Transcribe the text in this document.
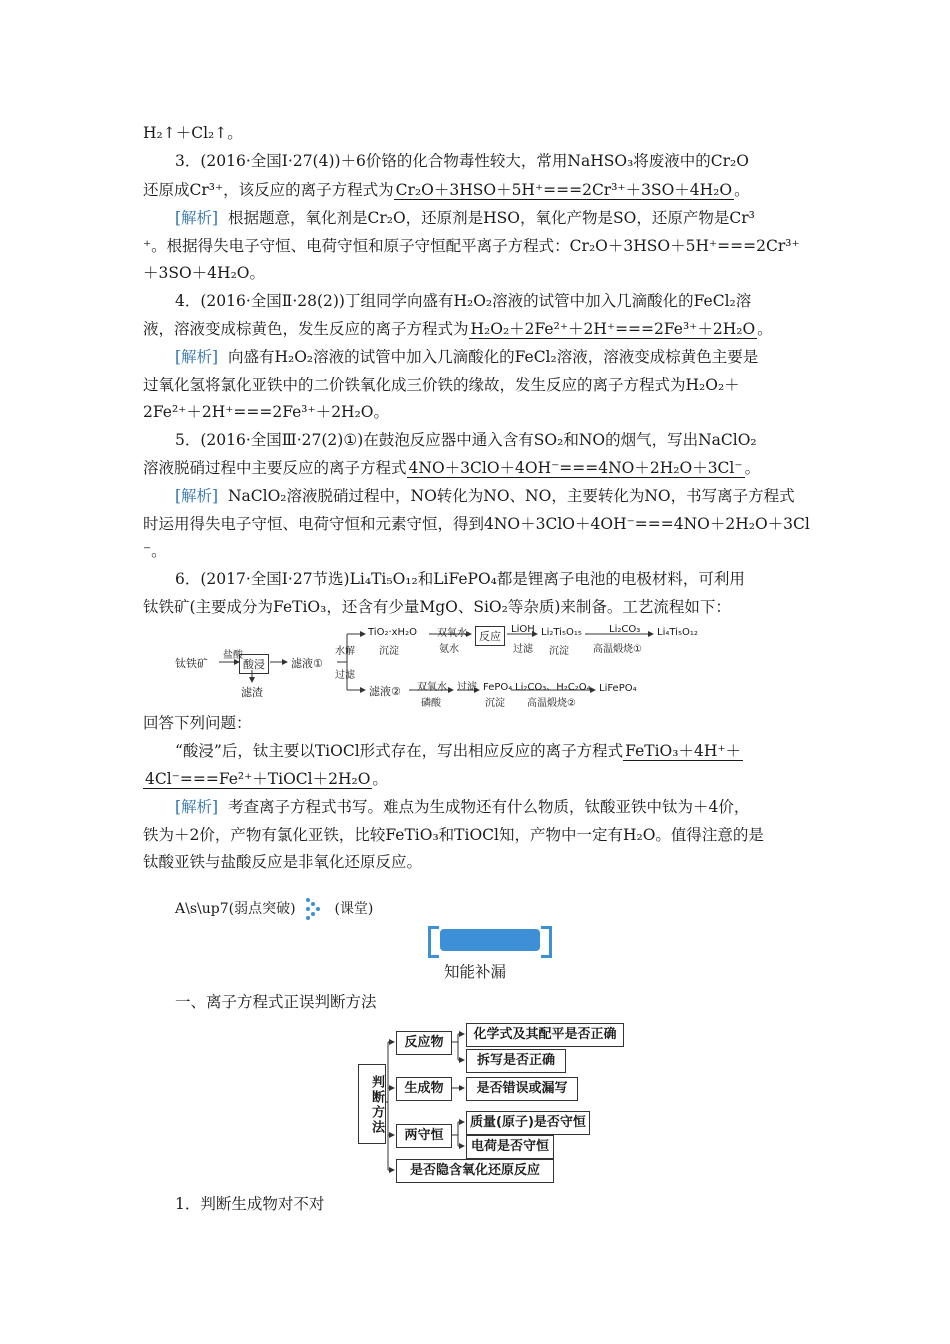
H₂↑＋Cl₂↑。
3．(2016·全国Ⅰ·27(4))＋6价铬的化合物毒性较大，常用NaHSO₃将废液中的Cr₂O
还原成Cr³⁺，该反应的离子方程式为 Cr₂O＋3HSO＋5H⁺===2Cr³⁺＋3SO＋4H₂O 。
[解析] 根据题意，氧化剂是Cr₂O，还原剂是HSO，氧化产物是SO，还原产物是Cr³
⁺。根据得失电子守恒、电荷守恒和原子守恒配平离子方程式：Cr₂O＋3HSO＋5H⁺===2Cr³⁺
＋3SO＋4H₂O。
4．(2016·全国Ⅱ·28(2))丁组同学向盛有H₂O₂溶液的试管中加入几滴酸化的FeCl₂溶
液，溶液变成棕黄色，发生反应的离子方程式为 H₂O₂＋2Fe²⁺＋2H⁺===2Fe³⁺＋2H₂O 。
[解析] 向盛有H₂O₂溶液的试管中加入几滴酸化的FeCl₂溶液，溶液变成棕黄色主要是
过氧化氢将氯化亚铁中的二价铁氧化成三价铁的缘故，发生反应的离子方程式为H₂O₂＋
2Fe²⁺＋2H⁺===2Fe³⁺＋2H₂O。
5．(2016·全国Ⅲ·27(2)①)在鼓泡反应器中通入含有SO₂和NO的烟气，写出NaClO₂
溶液脱硝过程中主要反应的离子方程式 4NO＋3ClO＋4OH⁻===4NO＋2H₂O＋3Cl⁻ 。
[解析] NaClO₂溶液脱硝过程中，NO转化为NO、NO，主要转化为NO，书写离子方程式
时运用得失电子守恒、电荷守恒和元素守恒，得到4NO＋3ClO＋4OH⁻===4NO＋2H₂O＋3Cl
⁻。
6．(2017·全国Ⅰ·27节选)Li₄Ti₅O₁₂和LiFePO₄都是锂离子电池的电极材料，可利用
钛铁矿(主要成分为FeTiO₃，还含有少量MgO、SiO₂等杂质)来制备。工艺流程如下：
钛铁矿
盐酸
酸浸
滤渣
滤液①
水解
过滤
TiO₂·xH₂O
沉淀
双氧水
氨水
反应
LiOH
过滤
Li₂Ti₅O₁₅
沉淀
Li₂CO₃
高温煅烧①
Li₄Ti₅O₁₂
滤液② 双氧水
磷酸
过滤 FePO₄
沉淀
Li₂CO₃、H₂C₂O₄
高温煅烧②
LiFePO₄
回答下列问题：
“酸浸”后，钛主要以TiOCl形式存在，写出相应反应的离子方程式 FeTiO₃＋4H⁺＋
4Cl⁻===Fe²⁺＋TiOCl＋2H₂O 。
[解析] 考查离子方程式书写。难点为生成物还有什么物质，钛酸亚铁中钛为＋4价，
铁为＋2价，产物有氯化亚铁，比较FeTiO₃和TiOCl知，产物中一定有H₂O。值得注意的是
钛酸亚铁与盐酸反应是非氧化还原反应。
A\s\up7(弱点突破)	(课堂)
知能补漏
一、离子方程式正误判断方法
判断方法
反应物
化学式及其配平是否正确
拆写是否正确
生成物	是否错误或漏写
两守恒
质量(原子)是否守恒
电荷是否守恒
是否隐含氧化还原反应
1．判断生成物对不对
